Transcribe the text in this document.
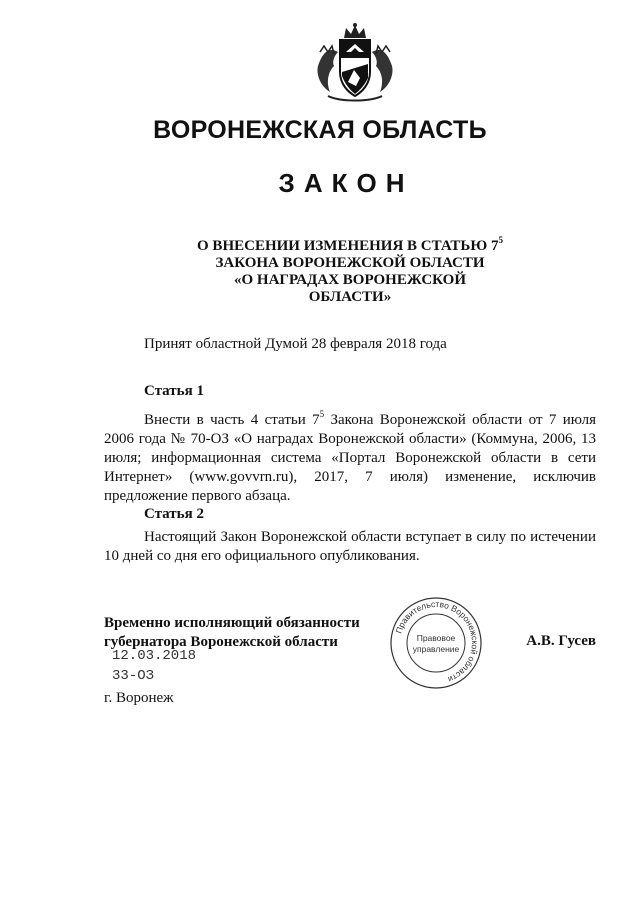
ВОРОНЕЖСКАЯ ОБЛАСТЬ
ЗАКОН
О ВНЕСЕНИИ ИЗМЕНЕНИЯ В СТАТЬЮ $7^5$
ЗАКОНА ВОРОНЕЖСКОЙ ОБЛАСТИ
«О НАГРАДАХ ВОРОНЕЖСКОЙ
ОБЛАСТИ»
Принят областной Думой 28 февраля 2018 года
Статья 1

Внести в часть 4 статьи $7^5$ Закона Воронежской области от 7 июля 2006 года № 70-ОЗ «О наградах Воронежской области» (Коммуна, 2006, 13 июля; информационная система «Портал Воронежской области в сети Интернет» (www.govvrn.ru), 2017, 7 июля) изменение, исключив предложение первого абзаца.

Статья 2

Настоящий Закон Воронежской области вступает в силу по истечении 10 дней со дня его официального опубликования.

Временно исполняющий обязанности
губернатора Воронежской области
12.03.2018
33-ОЗ
г. Воронеж
Правительство Воронежской области
Правовое
управление	А.В. Гусев
